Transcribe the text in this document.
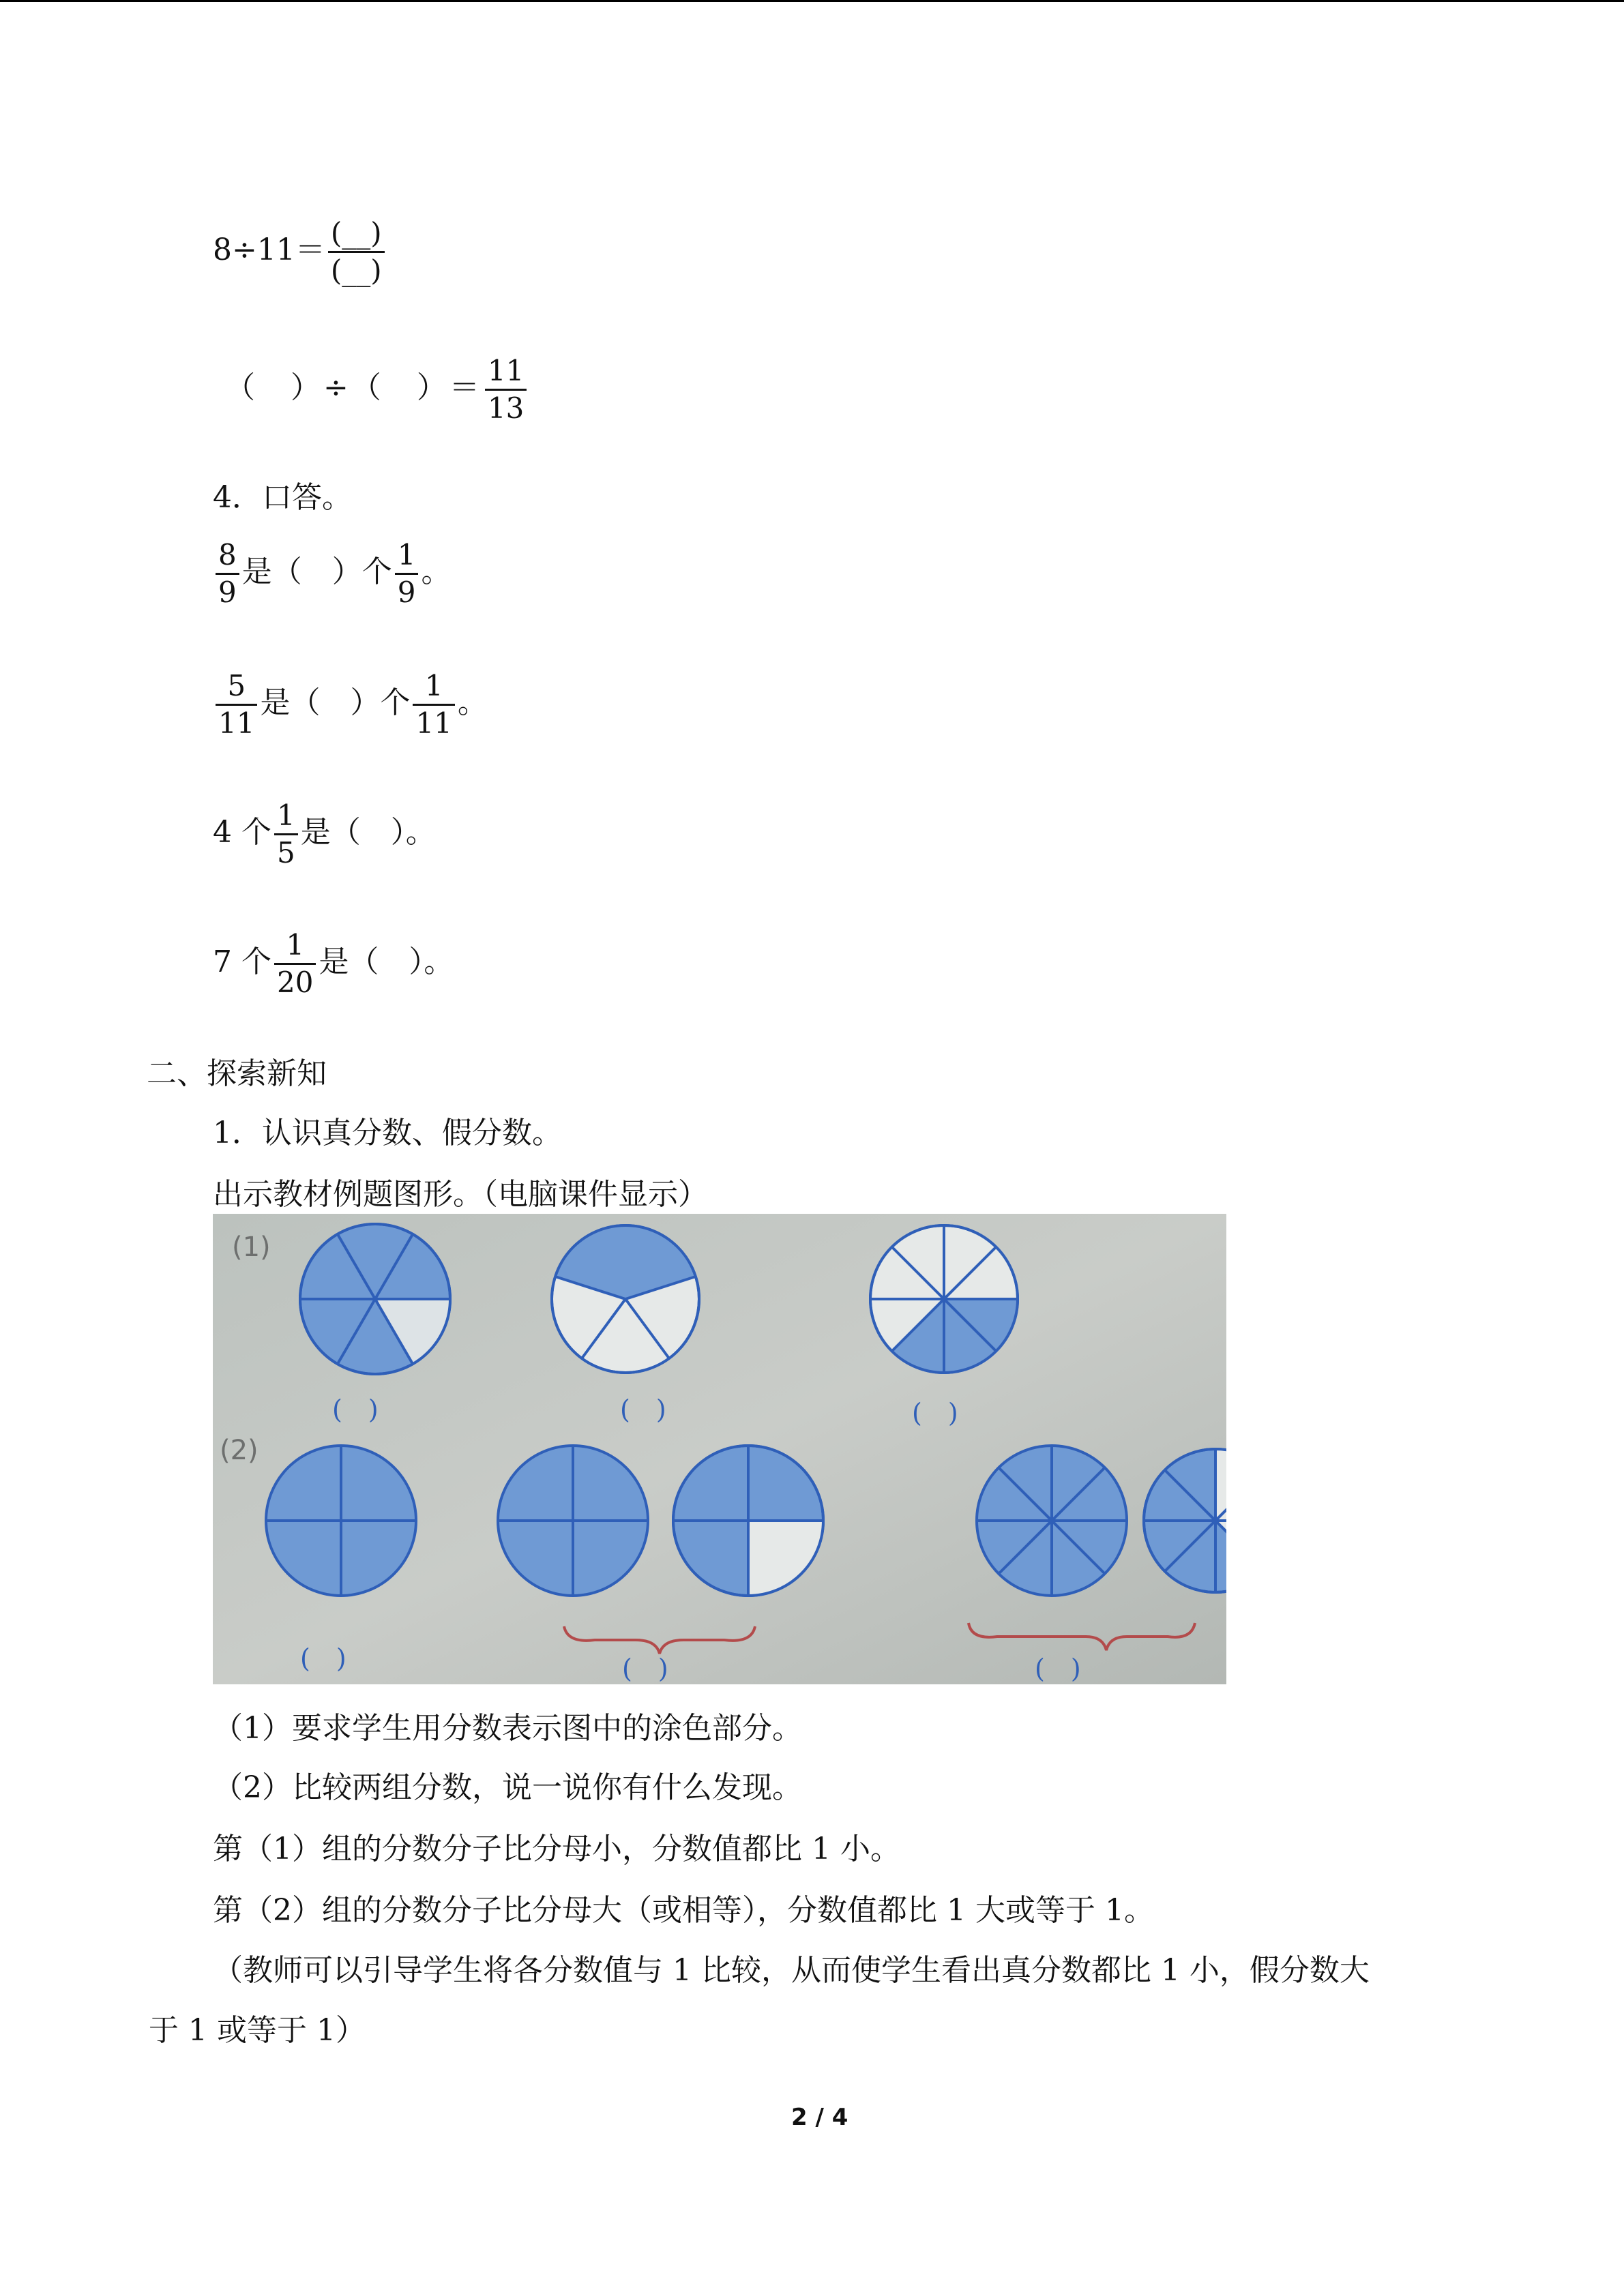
$8\div 11= \frac{(\_\_)}{(\_\_)}$
（　）÷（　）＝ $\frac{11}{13}$
4．口答。
$\frac{8}{9}$ 是（　）个 $\frac{1}{9}$ 。
$\frac{5}{11}$ 是（　）个 $\frac{1}{11}$ 。
4 个 $\frac{1}{5}$ 是（　）。
7 个 $\frac{1}{20}$ 是（　）。
二、探索新知
1．认识真分数、假分数。
出示教材例题图形。（电脑课件显示）
(1)
(2)
(　)	(　)	(　)
(　)	(　)	(　)
（1）要求学生用分数表示图中的涂色部分。
（2）比较两组分数，说一说你有什么发现。
第（1）组的分数分子比分母小，分数值都比 1 小。
第（2）组的分数分子比分母大（或相等），分数值都比 1 大或等于 1。
（教师可以引导学生将各分数值与 1 比较，从而使学生看出真分数都比 1 小，假分数大
于 1 或等于 1）
2 / 4
